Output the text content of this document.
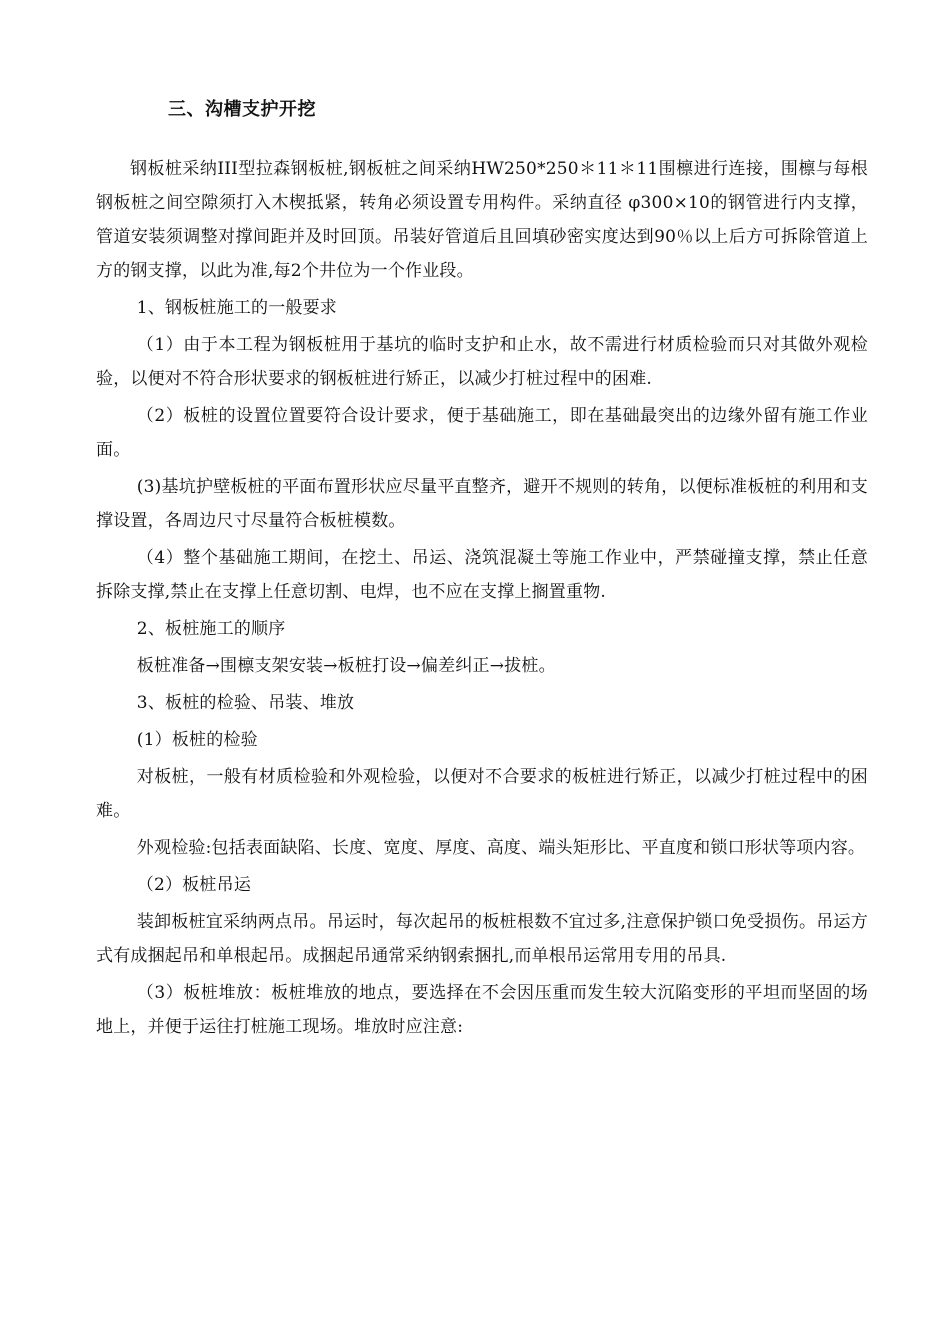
三、沟槽支护开挖

钢板桩采纳III型拉森钢板桩,钢板桩之间采纳HW250*250＊11＊11围檩进行连接，围檩与每根钢板桩之间空隙须打入木楔抵紧，转角必须设置专用构件。采纳直径 φ300×10的钢管进行内支撑，管道安装须调整对撑间距并及时回顶。吊装好管道后且回填砂密实度达到90％以上后方可拆除管道上方的钢支撑，以此为准,每2个井位为一个作业段。

1、钢板桩施工的一般要求

（1）由于本工程为钢板桩用于基坑的临时支护和止水，故不需进行材质检验而只对其做外观检验，以便对不符合形状要求的钢板桩进行矫正，以减少打桩过程中的困难.

（2）板桩的设置位置要符合设计要求，便于基础施工，即在基础最突出的边缘外留有施工作业面。

(3)基坑护壁板桩的平面布置形状应尽量平直整齐，避开不规则的转角，以便标准板桩的利用和支撑设置，各周边尺寸尽量符合板桩模数。

（4）整个基础施工期间，在挖土、吊运、浇筑混凝土等施工作业中，严禁碰撞支撑，禁止任意拆除支撑,禁止在支撑上任意切割、电焊，也不应在支撑上搁置重物.

2、板桩施工的顺序

板桩准备→围檩支架安装→板桩打设→偏差纠正→拔桩。

3、板桩的检验、吊装、堆放

(1）板桩的检验

对板桩，一般有材质检验和外观检验，以便对不合要求的板桩进行矫正，以减少打桩过程中的困难。

外观检验:包括表面缺陷、长度、宽度、厚度、高度、端头矩形比、平直度和锁口形状等项内容。

（2）板桩吊运

装卸板桩宜采纳两点吊。吊运时，每次起吊的板桩根数不宜过多,注意保护锁口免受损伤。吊运方式有成捆起吊和单根起吊。成捆起吊通常采纳钢索捆扎,而单根吊运常用专用的吊具.

（3）板桩堆放：板桩堆放的地点，要选择在不会因压重而发生较大沉陷变形的平坦而坚固的场地上，并便于运往打桩施工现场。堆放时应注意:
